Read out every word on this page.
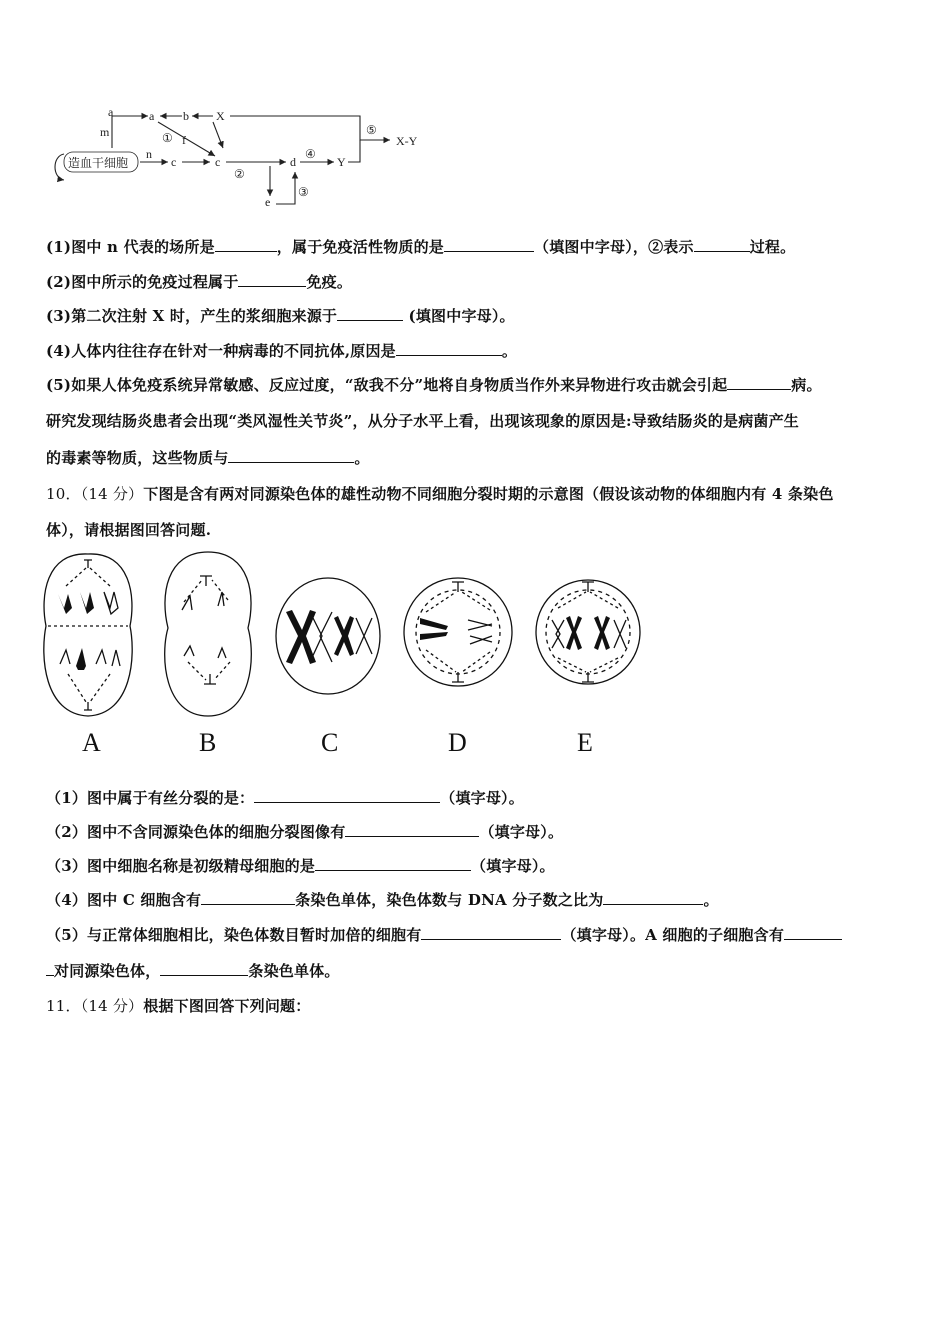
造血干细胞
m
n
a	a b X
f
①
c	c
②
d
④
Y
e
③
⑤
X-Y
(1)图中 n 代表的场所是	，属于免疫活性物质的是	（填图中字母），②表示	过程。
(2)图中所示的免疫过程属于	免疫。
(3)第二次注射 X 时，产生的浆细胞来源于	(填图中字母）。
(4)人体内往往存在针对一种病毒的不同抗体,原因是	。
(5)如果人体免疫系统异常敏感、反应过度，“敌我不分”地将自身物质当作外来异物进行攻击就会引起	病。
研究发现结肠炎患者会出现“类风湿性关节炎”，从分子水平上看，出现该现象的原因是:导致结肠炎的是病菌产生
的毒素等物质，这些物质与	。
10．（14 分）下图是含有两对同源染色体的雄性动物不同细胞分裂时期的示意图（假设该动物的体细胞内有 4 条染色
体），请根据图回答问题.
A	B	C	D	E
（1）图中属于有丝分裂的是：	（填字母）。
（2）图中不含同源染色体的细胞分裂图像有	（填字母）。
（3）图中细胞名称是初级精母细胞的是	（填字母）。
（4）图中 C 细胞含有	条染色单体，染色体数与 DNA 分子数之比为	。
（5）与正常体细胞相比，染色体数目暂时加倍的细胞有	（填字母）。A 细胞的子细胞含有
对同源染色体，	条染色单体。
11．（14 分）根据下图回答下列问题：
